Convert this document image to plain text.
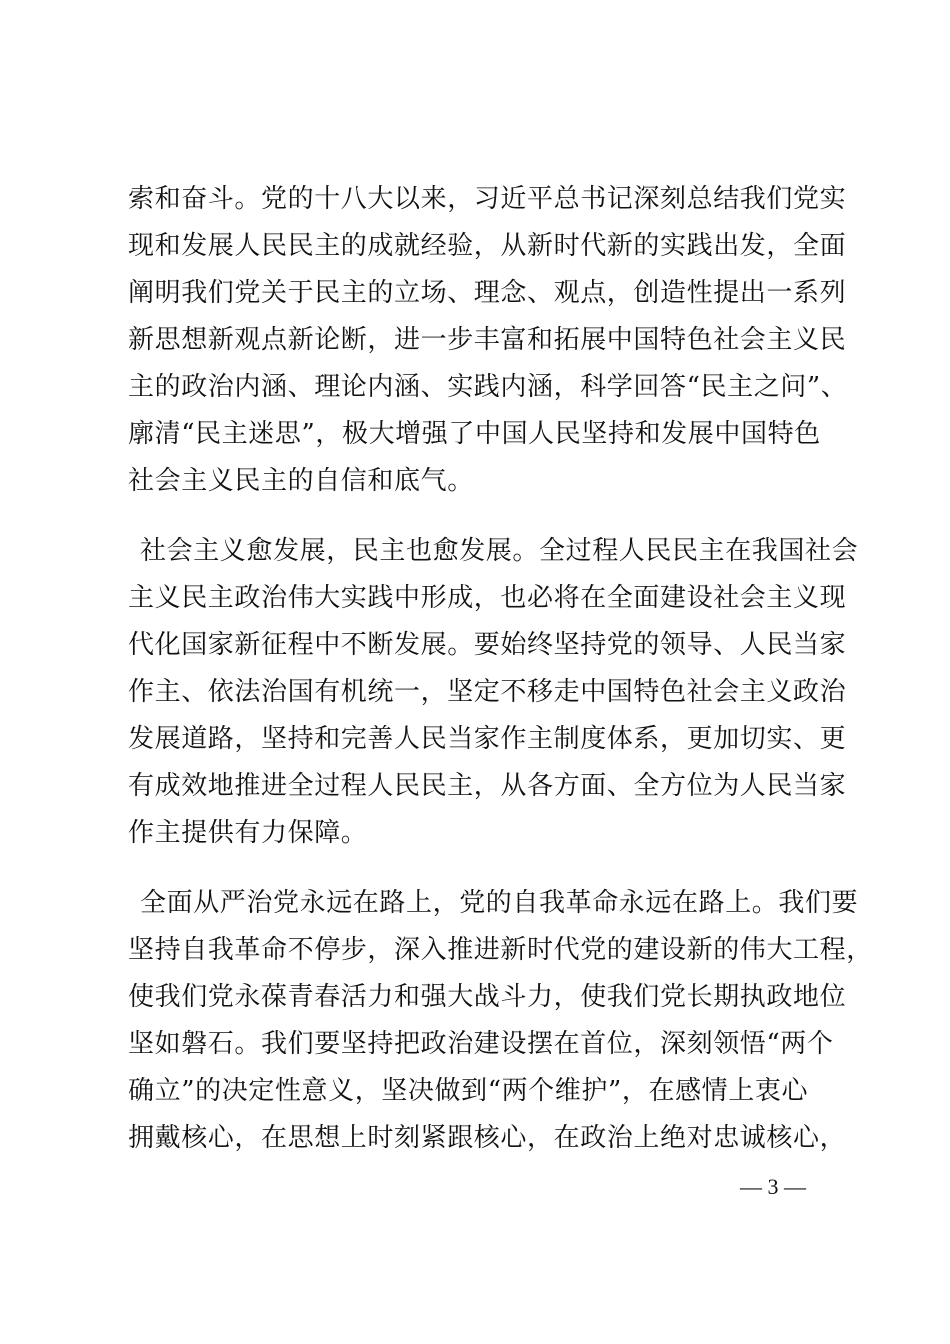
索和奋斗。党的十八大以来，习近平总书记深刻总结我们党实
现和发展人民民主的成就经验，从新时代新的实践出发，全面
阐明我们党关于民主的立场、理念、观点，创造性提出一系列
新思想新观点新论断，进一步丰富和拓展中国特色社会主义民
主的政治内涵、理论内涵、实践内涵，科学回答“民主之问”、
廓清“民主迷思”，极大增强了中国人民坚持和发展中国特色
社会主义民主的自信和底气。
社会主义愈发展，民主也愈发展。全过程人民民主在我国社会
主义民主政治伟大实践中形成，也必将在全面建设社会主义现
代化国家新征程中不断发展。要始终坚持党的领导、人民当家
作主、依法治国有机统一，坚定不移走中国特色社会主义政治
发展道路，坚持和完善人民当家作主制度体系，更加切实、更
有成效地推进全过程人民民主，从各方面、全方位为人民当家
作主提供有力保障。
全面从严治党永远在路上，党的自我革命永远在路上。我们要
坚持自我革命不停步，深入推进新时代党的建设新的伟大工程，
使我们党永葆青春活力和强大战斗力，使我们党长期执政地位
坚如磐石。我们要坚持把政治建设摆在首位，深刻领悟“两个
确立”的决定性意义，坚决做到“两个维护”，在感情上衷心
拥戴核心，在思想上时刻紧跟核心，在政治上绝对忠诚核心，
— 3 —
